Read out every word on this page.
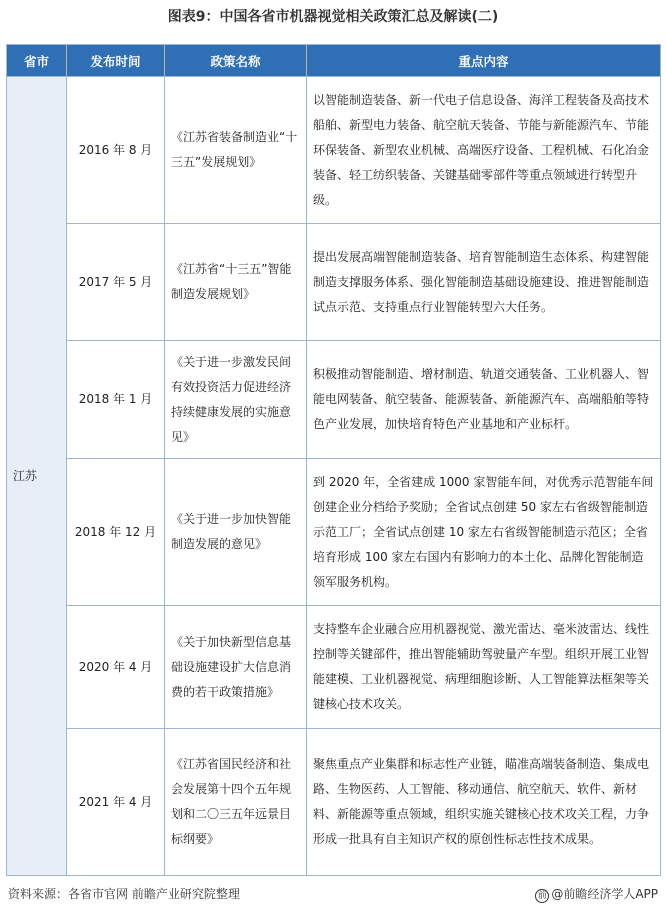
图表9：中国各省市机器视觉相关政策汇总及解读(二)
省市	发布时间	政策名称	重点内容
江苏	2016 年 8 月	《江苏省装备制造业“十三五”发展规划》	以智能制造装备、新一代电子信息设备、海洋工程装备及高技术船舶、新型电力装备、航空航天装备、节能与新能源汽车、节能环保装备、新型农业机械、高端医疗设备、工程机械、石化冶金装备、轻工纺织装备、关键基础零部件等重点领域进行转型升级。
	2017 年 5 月	《江苏省“十三五”智能制造发展规划》	提出发展高端智能制造装备、培育智能制造生态体系、构建智能制造支撑服务体系、强化智能制造基础设施建设、推进智能制造试点示范、支持重点行业智能转型六大任务。
	2018 年 1 月	《关于进一步激发民间有效投资活力促进经济持续健康发展的实施意见》	积极推动智能制造、增材制造、轨道交通装备、工业机器人、智能电网装备、航空装备、能源装备、新能源汽车、高端船舶等特色产业发展，加快培育特色产业基地和产业标杆。
	2018 年 12 月	《关于进一步加快智能制造发展的意见》	到 2020 年，全省建成 1000 家智能车间，对优秀示范智能车间创建企业分档给予奖励；全省试点创建 50 家左右省级智能制造示范工厂；全省试点创建 10 家左右省级智能制造示范区；全省培育形成 100 家左右国内有影响力的本土化、品牌化智能制造领军服务机构。
	2020 年 4 月	《关于加快新型信息基础设施建设扩大信息消费的若干政策措施》	支持整车企业融合应用机器视觉、激光雷达、毫米波雷达、线性控制等关键部件，推出智能辅助驾驶量产车型。组织开展工业智能建模、工业机器视觉、病理细胞诊断、人工智能算法框架等关键核心技术攻关。
	2021 年 4 月	《江苏省国民经济和社会发展第十四个五年规划和二〇三五年远景目标纲要》	聚焦重点产业集群和标志性产业链，瞄准高端装备制造、集成电路、生物医药、人工智能、移动通信、航空航天、软件、新材料、新能源等重点领域，组织实施关键核心技术攻关工程，力争形成一批具有自主知识产权的原创性标志性技术成果。
资料来源：各省市官网 前瞻产业研究院整理	前 @前瞻经济学人APP
